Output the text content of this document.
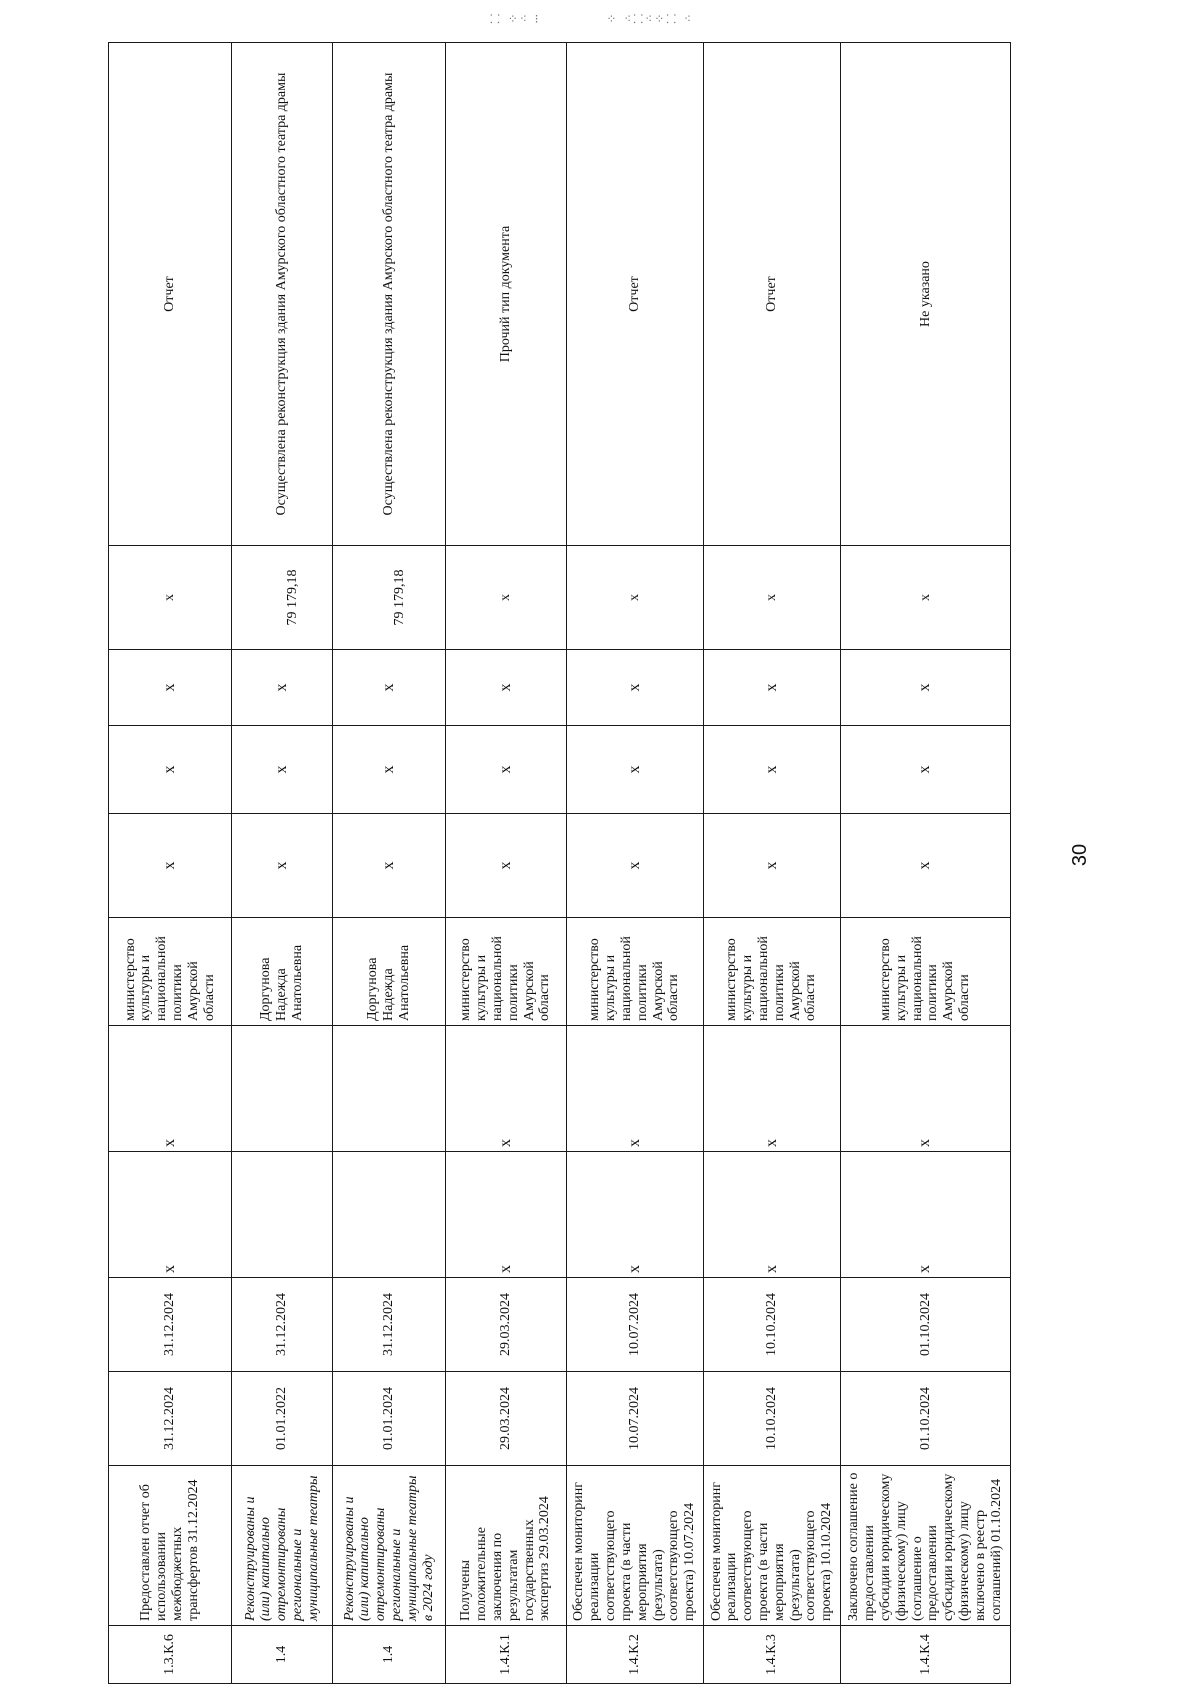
⸬ ⁘⁖ ⁝	⁘ ⁖⸬⁖⁘⸬ ⁖
1.3.К.6	Предоставлен отчет об использовании межбюджетных трансфертов 31.12.2024	31.12.2024	31.12.2024	х	х	министерство культуры и национальной политики Амурской области	х	х	х	х	Отчет
1.4	Реконструированы и (или) капитально отремонтированы региональные и муниципальные театры	01.01.2022	31.12.2024			Доргунова Надежда Анатольевна	х	х	х	79 179,18	Осуществлена реконструкция здания Амурского областного театра драмы
1.4	Реконструированы и (или) капитально отремонтированы региональные и муниципальные театры в 2024 году	01.01.2024	31.12.2024			Доргунова Надежда Анатольевна	х	х	х	79 179,18	Осуществлена реконструкция здания Амурского областного театра драмы
1.4.К.1	Получены положительные заключения по результатам государственных экспертиз 29.03.2024	29.03.2024	29.03.2024	х	х	министерство культуры и национальной политики Амурской области	х	х	х	х	Прочий тип документа
1.4.К.2	Обеспечен мониторинг реализации соответствующего проекта (в части мероприятия (результата) соответствующего проекта) 10.07.2024	10.07.2024	10.07.2024	х	х	министерство культуры и национальной политики Амурской области	х	х	х	х	Отчет
1.4.К.3	Обеспечен мониторинг реализации соответствующего проекта (в части мероприятия (результата) соответствующего проекта) 10.10.2024	10.10.2024	10.10.2024	х	х	министерство культуры и национальной политики Амурской области	х	х	х	х	Отчет
1.4.К.4	Заключено соглашение о предоставлении субсидии юридическому (физическому) лицу (соглашение о предоставлении субсидии юридическому (физическому) лицу включено в реестр соглашений) 01.10.2024	01.10.2024	01.10.2024	х	х	министерство культуры и национальной политики Амурской области	х	х	х	х	Не указано
30
